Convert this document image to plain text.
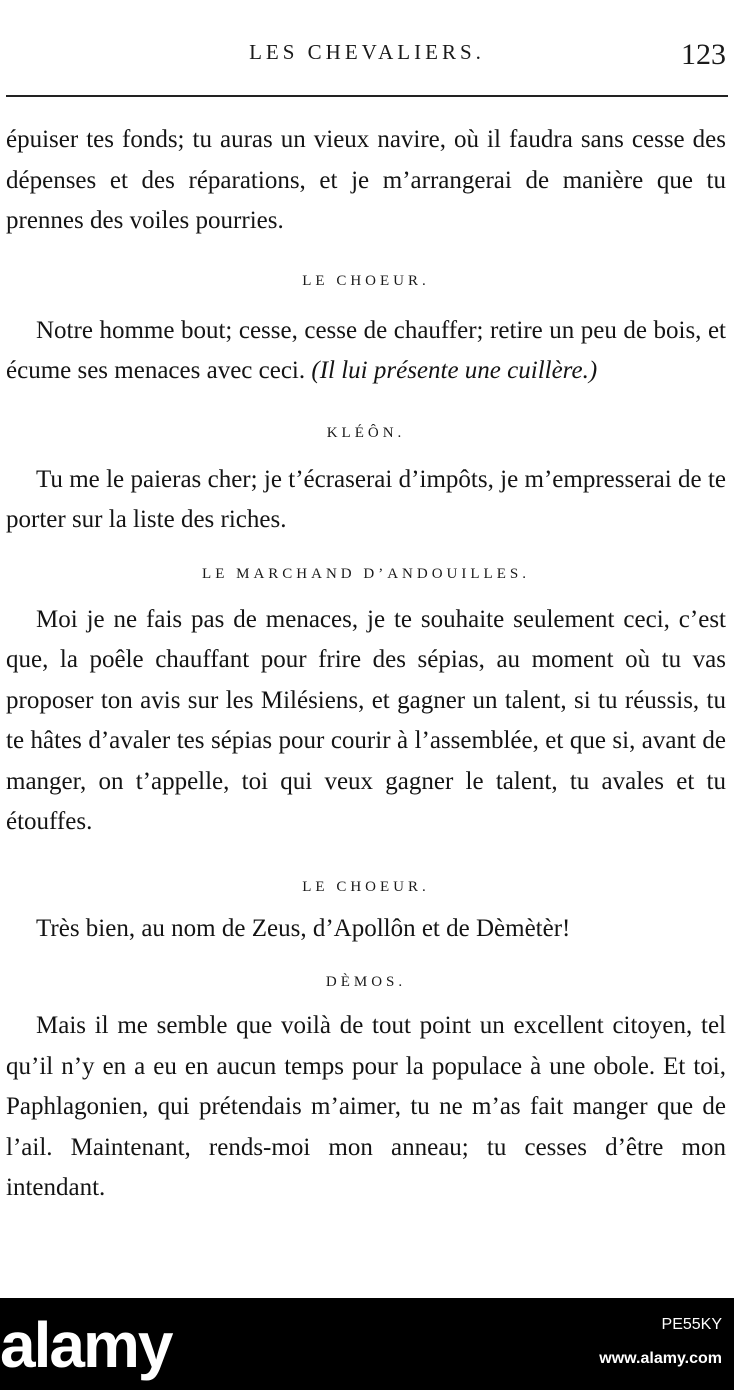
LES CHEVALIERS.	123

épuiser tes fonds; tu auras un vieux navire, où il faudra sans cesse des dépenses et des réparations, et je m’arrangerai de manière que tu prennes des voiles pourries.

LE CHOEUR.

Notre homme bout; cesse, cesse de chauffer; retire un peu de bois, et écume ses menaces avec ceci. (Il lui présente une cuillère.)

KLÉÔN.

Tu me le paieras cher; je t’écraserai d’impôts, je m’empresserai de te porter sur la liste des riches.

LE MARCHAND D’ANDOUILLES.

Moi je ne fais pas de menaces, je te souhaite seulement ceci, c’est que, la poêle chauffant pour frire des sépias, au moment où tu vas proposer ton avis sur les Milésiens, et gagner un talent, si tu réussis, tu te hâtes d’avaler tes sépias pour courir à l’assemblée, et que si, avant de manger, on t’appelle, toi qui veux gagner le talent, tu avales et tu étouffes.

LE CHOEUR.

Très bien, au nom de Zeus, d’Apollôn et de Dèmètèr!

DÈMOS.

Mais il me semble que voilà de tout point un excellent citoyen, tel qu’il n’y en a eu en aucun temps pour la populace à une obole. Et toi, Paphlagonien, qui prétendais m’aimer, tu ne m’as fait manger que de l’ail. Maintenant, rends-moi mon anneau; tu cesses d’être mon intendant.

alamy	PE55KY
www.alamy.com
